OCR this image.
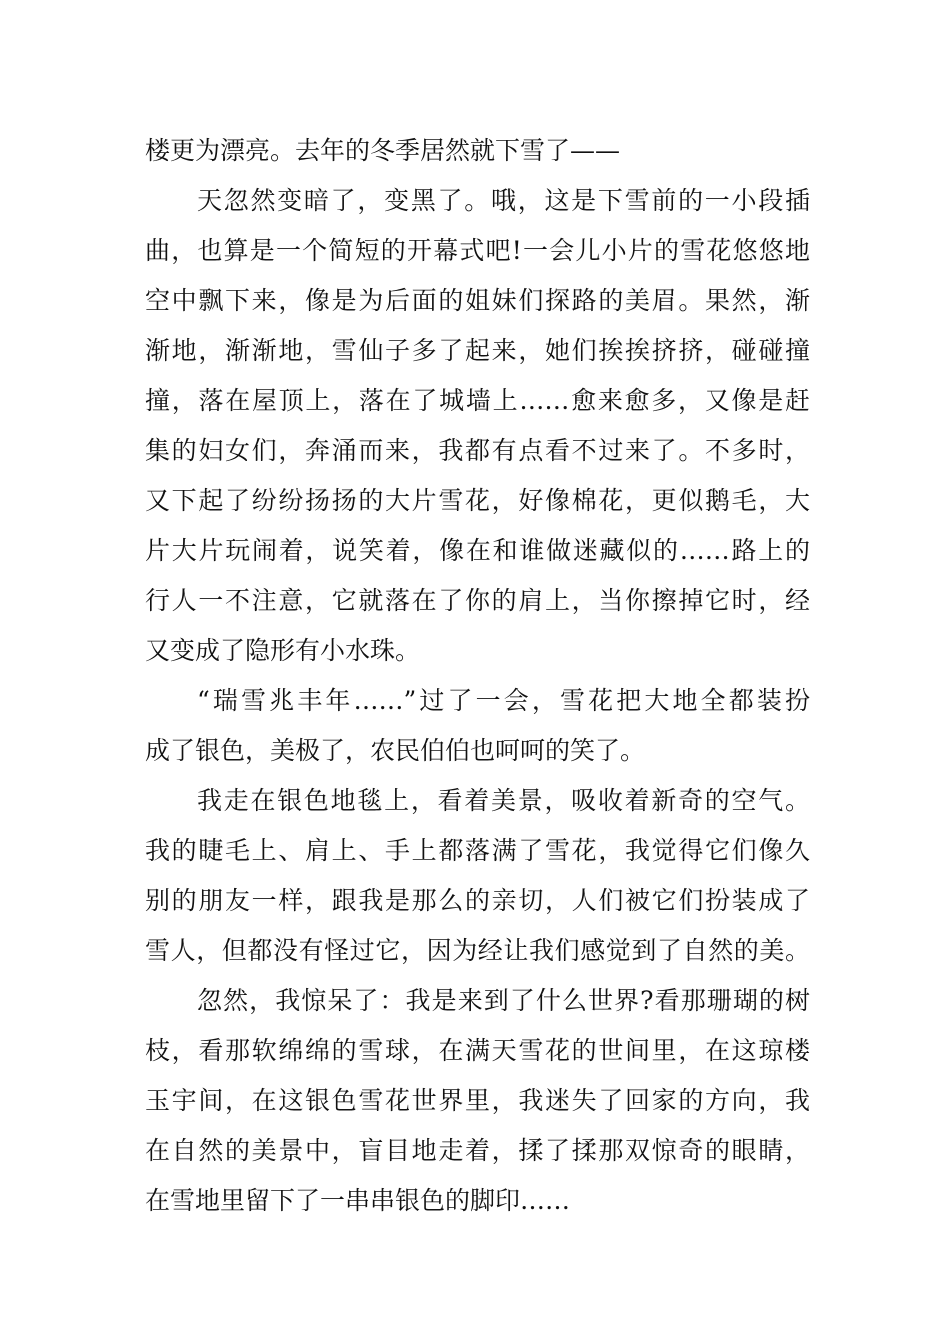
楼更为漂亮。去年的冬季居然就下雪了——
天忽然变暗了，变黑了。哦，这是下雪前的一小段插
曲，也算是一个简短的开幕式吧!一会儿小片的雪花悠悠地
空中飘下来，像是为后面的姐妹们探路的美眉。果然，渐
渐地，渐渐地，雪仙子多了起来，她们挨挨挤挤，碰碰撞
撞，落在屋顶上，落在了城墙上……愈来愈多，又像是赶
集的妇女们，奔涌而来，我都有点看不过来了。不多时，
又下起了纷纷扬扬的大片雪花，好像棉花，更似鹅毛，大
片大片玩闹着，说笑着，像在和谁做迷藏似的……路上的
行人一不注意，它就落在了你的肩上，当你擦掉它时，经
又变成了隐形有小水珠。
“瑞雪兆丰年……”过了一会，雪花把大地全都装扮
成了银色，美极了，农民伯伯也呵呵的笑了。
我走在银色地毯上，看着美景，吸收着新奇的空气。
我的睫毛上、肩上、手上都落满了雪花，我觉得它们像久
别的朋友一样，跟我是那么的亲切，人们被它们扮装成了
雪人，但都没有怪过它，因为经让我们感觉到了自然的美。
忽然，我惊呆了：我是来到了什么世界?看那珊瑚的树
枝，看那软绵绵的雪球，在满天雪花的世间里，在这琼楼
玉宇间，在这银色雪花世界里，我迷失了回家的方向，我
在自然的美景中，盲目地走着，揉了揉那双惊奇的眼睛，
在雪地里留下了一串串银色的脚印……
